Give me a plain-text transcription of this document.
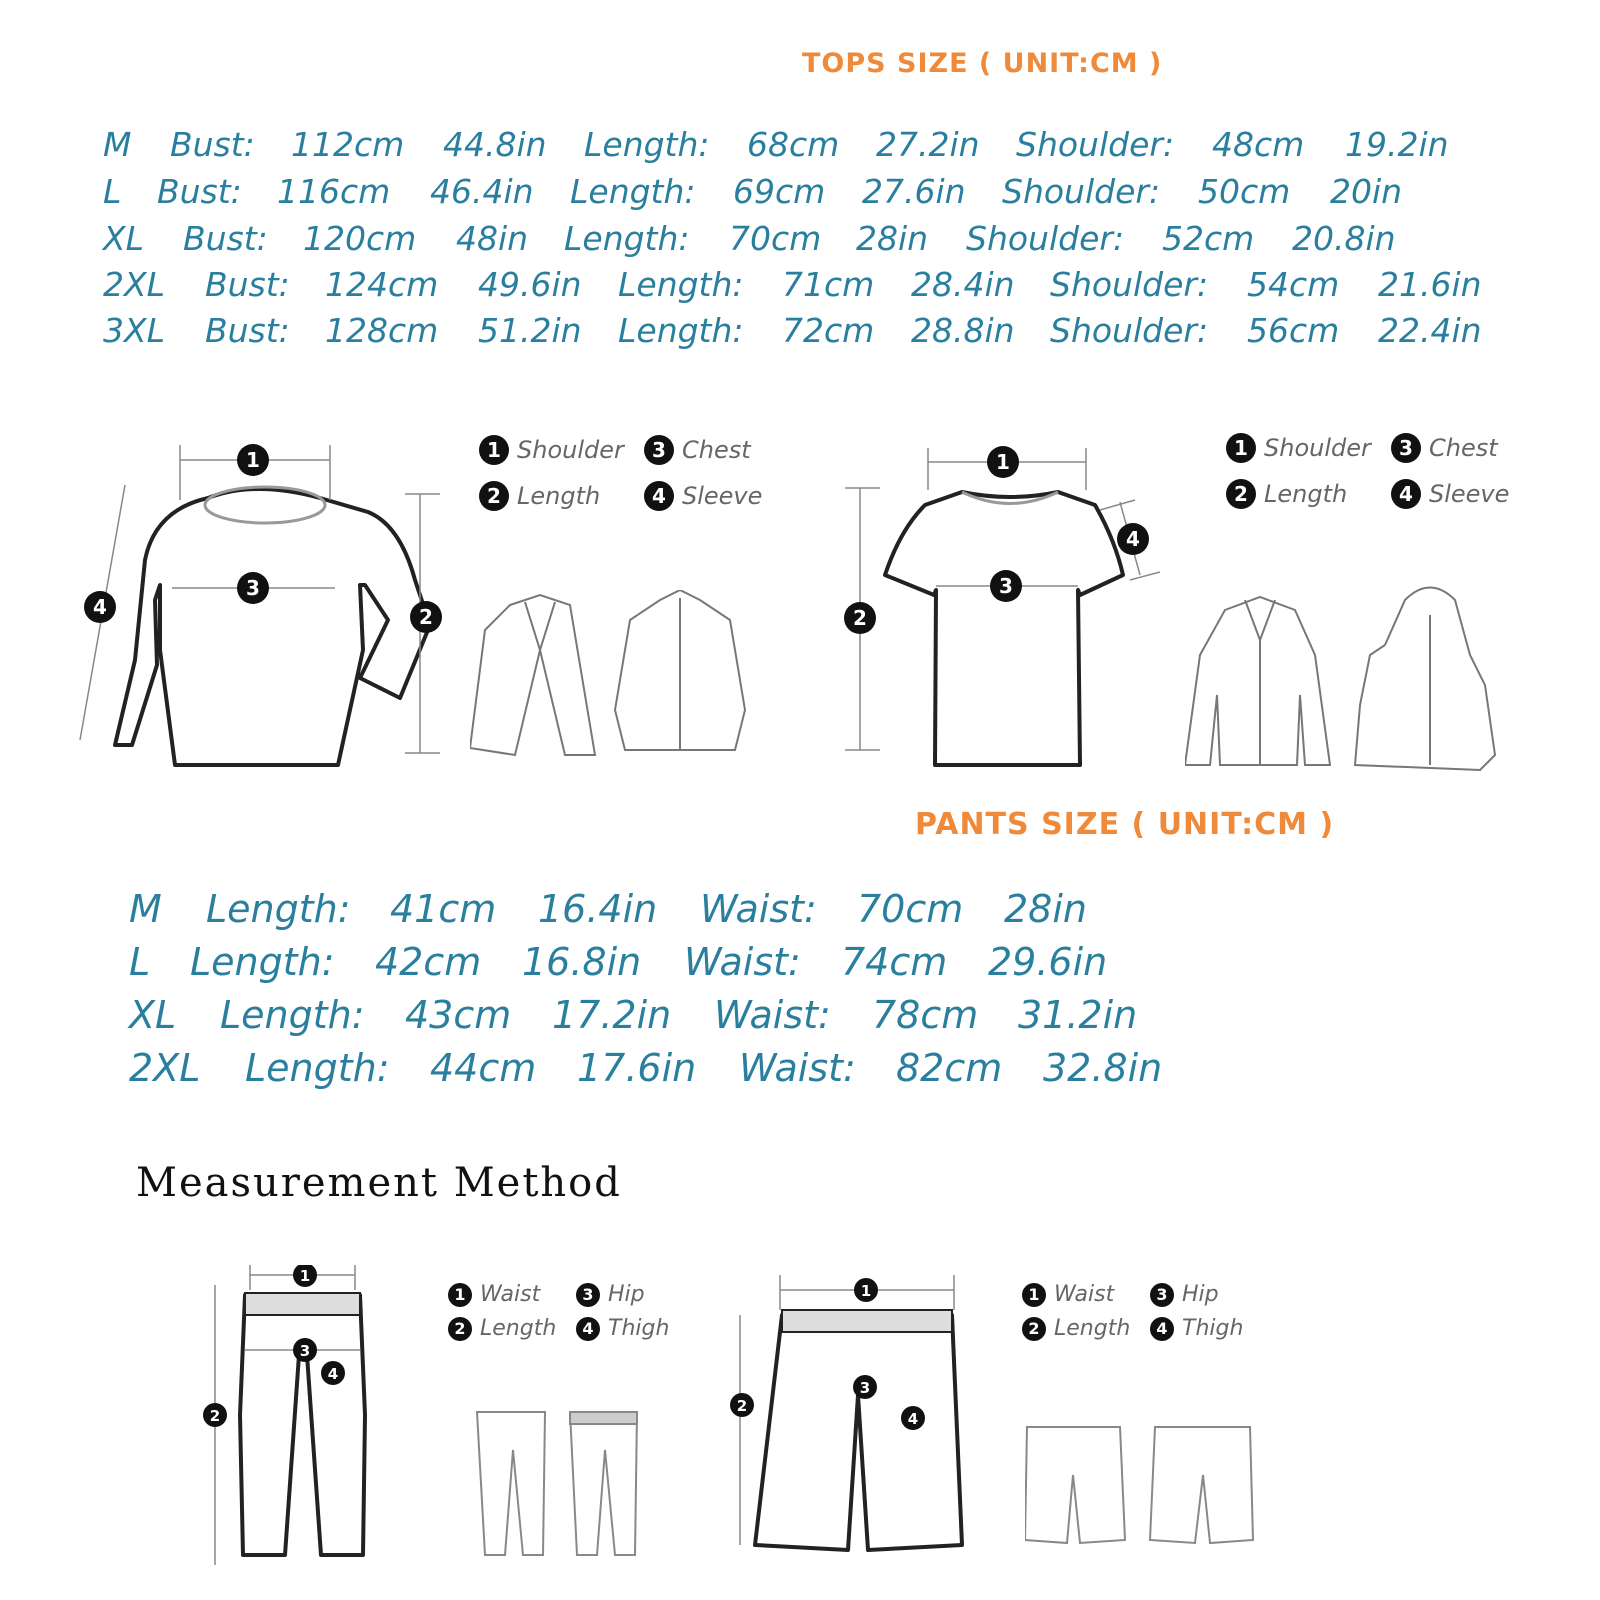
TOPS SIZE ( UNIT:CM )
M Bust: 112cm 44.8in Length: 68cm 27.2in Shoulder: 48cm 19.2in
L Bust: 116cm 46.4in Length: 69cm 27.6in Shoulder: 50cm 20in
XL Bust: 120cm 48in Length: 70cm 28in Shoulder: 52cm 20.8in
2XL Bust: 124cm 49.6in Length: 71cm 28.4in Shoulder: 54cm 21.6in
3XL Bust: 128cm 51.2in Length: 72cm 28.8in Shoulder: 56cm 22.4in
1
3
2
4
1 Shoulder	3 Chest
2 Length	4 Sleeve
1
3
2
4
1 Shoulder	3 Chest
2 Length	4 Sleeve
PANTS SIZE ( UNIT:CM )
M Length: 41cm 16.4in Waist: 70cm 28in
L Length: 42cm 16.8in Waist: 74cm 29.6in
XL Length: 43cm 17.2in Waist: 78cm 31.2in
2XL Length: 44cm 17.6in Waist: 82cm 32.8in
Measurement Method
1
2
3
4
1 Waist	3 Hip
2 Length	4 Thigh
1
2
3
4
1 Waist	3 Hip
2 Length	4 Thigh
